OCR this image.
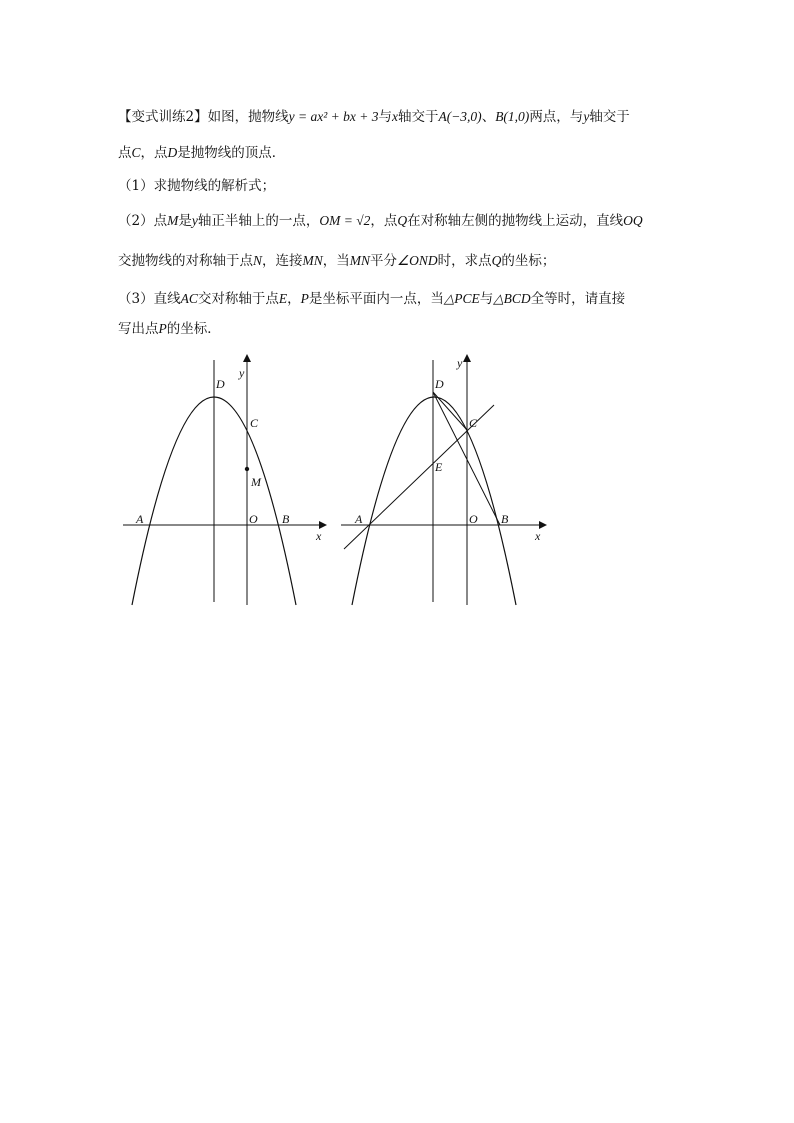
【变式训练2】如图，抛物线y = ax² + bx + 3与x轴交于A(−3,0)、B(1,0)两点，与y轴交于
点C，点D是抛物线的顶点．
（1）求抛物线的解析式；
（2）点M是y轴正半轴上的一点，OM = √2，点Q在对称轴左侧的抛物线上运动，直线OQ
交抛物线的对称轴于点N，连接MN，当MN平分∠OND时，求点Q的坐标；
（3）直线AC交对称轴于点E，P是坐标平面内一点，当△PCE与△BCD全等时，请直接
写出点P的坐标．
y
D
C
M
A	O B
x
y
D
C
E
A	O B
x
